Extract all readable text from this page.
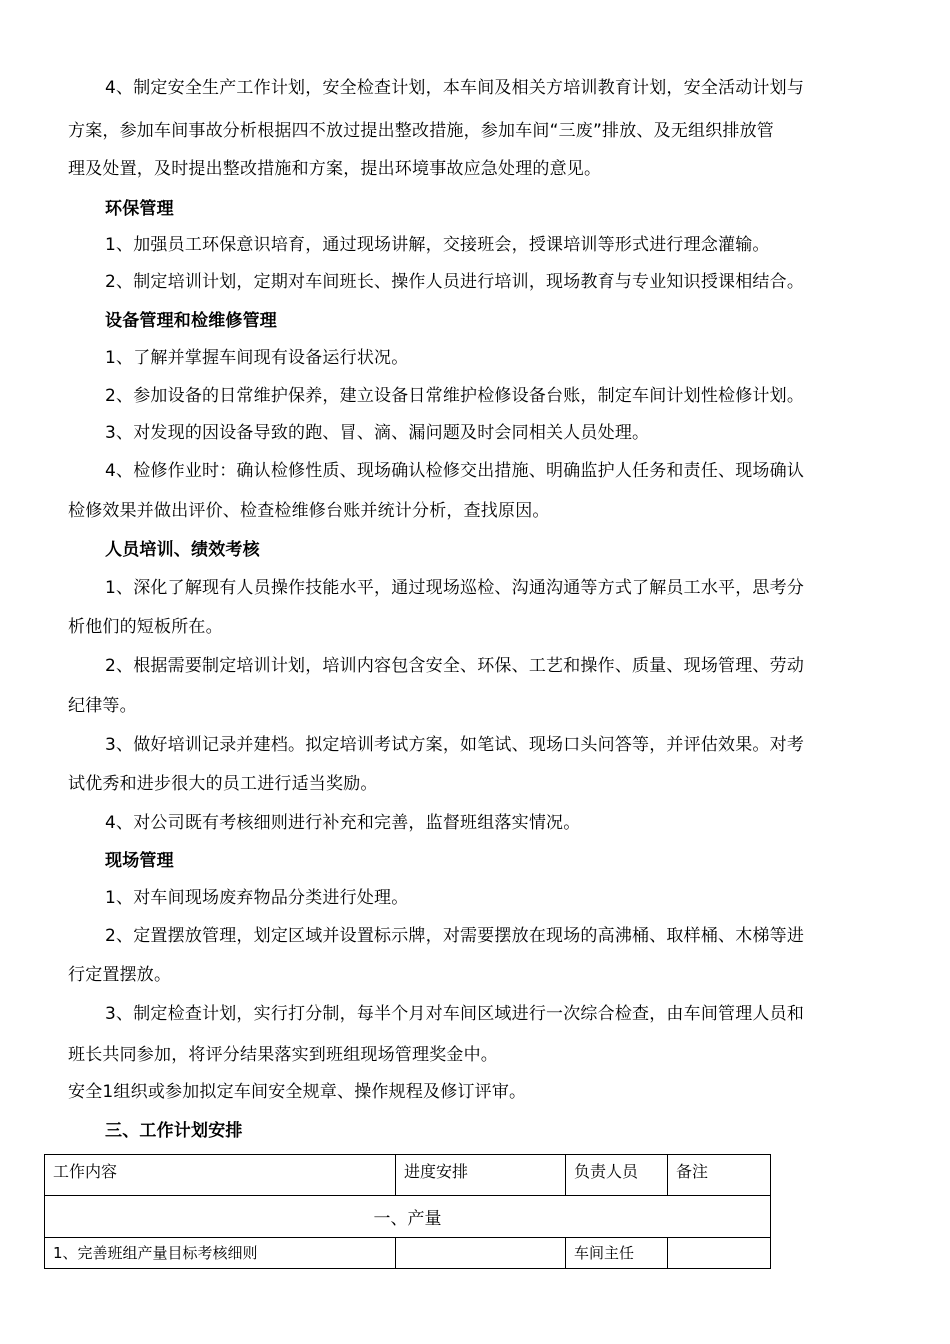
4、制定安全生产工作计划，安全检查计划，本车间及相关方培训教育计划，安全活动计划与
方案，参加车间事故分析根据四不放过提出整改措施，参加车间“三废”排放、及无组织排放管
理及处置，及时提出整改措施和方案，提出环境事故应急处理的意见。
环保管理
1、加强员工环保意识培育，通过现场讲解，交接班会，授课培训等形式进行理念灌输。
2、制定培训计划，定期对车间班长、操作人员进行培训，现场教育与专业知识授课相结合。
设备管理和检维修管理
1、了解并掌握车间现有设备运行状况。
2、参加设备的日常维护保养，建立设备日常维护检修设备台账，制定车间计划性检修计划。
3、对发现的因设备导致的跑、冒、滴、漏问题及时会同相关人员处理。
4、检修作业时：确认检修性质、现场确认检修交出措施、明确监护人任务和责任、现场确认
检修效果并做出评价、检查检维修台账并统计分析，查找原因。
人员培训、绩效考核
1、深化了解现有人员操作技能水平，通过现场巡检、沟通沟通等方式了解员工水平，思考分
析他们的短板所在。
2、根据需要制定培训计划，培训内容包含安全、环保、工艺和操作、质量、现场管理、劳动
纪律等。
3、做好培训记录并建档。拟定培训考试方案，如笔试、现场口头问答等，并评估效果。对考
试优秀和进步很大的员工进行适当奖励。
4、对公司既有考核细则进行补充和完善，监督班组落实情况。
现场管理
1、对车间现场废弃物品分类进行处理。
2、定置摆放管理，划定区域并设置标示牌，对需要摆放在现场的高沸桶、取样桶、木梯等进
行定置摆放。
3、制定检查计划，实行打分制，每半个月对车间区域进行一次综合检查，由车间管理人员和
班长共同参加，将评分结果落实到班组现场管理奖金中。
安全1组织或参加拟定车间安全规章、操作规程及修订评审。
三、工作计划安排
工作内容	进度安排	负责人员	备注
一、产量			
1、完善班组产量目标考核细则		车间主任	
